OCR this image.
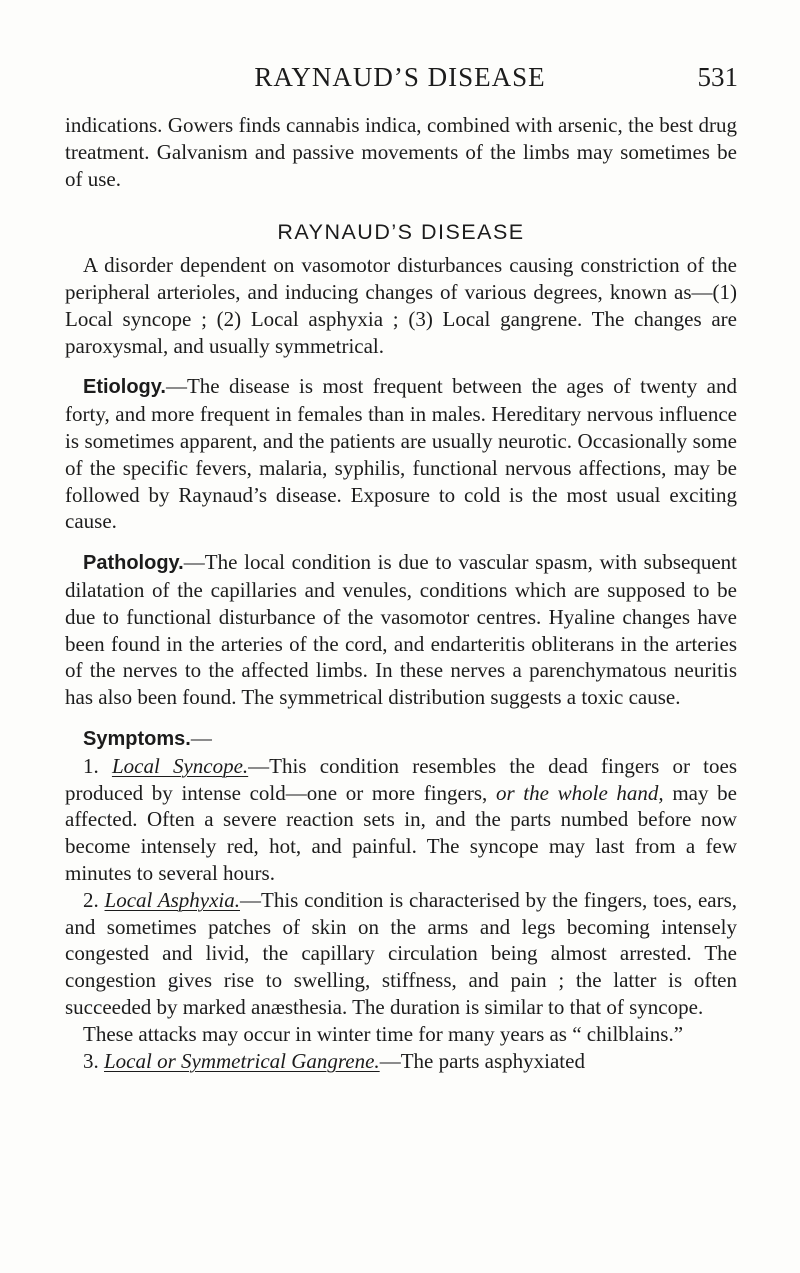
RAYNAUD’S DISEASE	531

indications. Gowers finds cannabis indica, combined with arsenic, the best drug treatment. Galvanism and passive movements of the limbs may sometimes be of use.

RAYNAUD’S DISEASE

A disorder dependent on vasomotor disturbances causing constriction of the peripheral arterioles, and inducing changes of various degrees, known as—(1) Local syncope ; (2) Local asphyxia ; (3) Local gangrene. The changes are paroxysmal, and usually symmetrical.

Etiology.—The disease is most frequent between the ages of twenty and forty, and more frequent in females than in males. Hereditary nervous influence is sometimes apparent, and the patients are usually neurotic. Occasionally some of the specific fevers, malaria, syphilis, functional nervous affections, may be followed by Raynaud’s disease. Exposure to cold is the most usual exciting cause.

Pathology.—The local condition is due to vascular spasm, with subsequent dilatation of the capillaries and venules, conditions which are supposed to be due to functional disturbance of the vasomotor centres. Hyaline changes have been found in the arteries of the cord, and endarteritis obliterans in the arteries of the nerves to the affected limbs. In these nerves a parenchymatous neuritis has also been found. The symmetrical distribution suggests a toxic cause.

Symptoms.—

1. Local Syncope.—This condition resembles the dead fingers or toes produced by intense cold—one or more fingers, or the whole hand, may be affected. Often a severe reaction sets in, and the parts numbed before now become intensely red, hot, and painful. The syncope may last from a few minutes to several hours.

2. Local Asphyxia.—This condition is characterised by the fingers, toes, ears, and sometimes patches of skin on the arms and legs becoming intensely congested and livid, the capillary circulation being almost arrested. The congestion gives rise to swelling, stiffness, and pain ; the latter is often succeeded by marked anæsthesia. The duration is similar to that of syncope.

These attacks may occur in winter time for many years as “ chilblains.”

3. Local or Symmetrical Gangrene.—The parts asphyxiated
